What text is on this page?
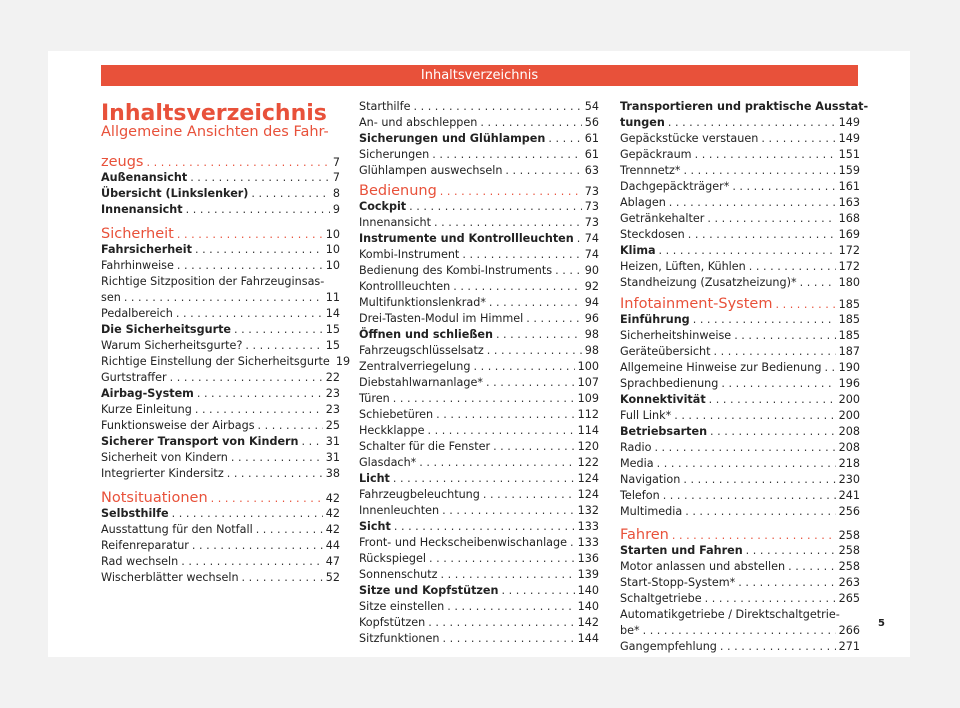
Inhaltsverzeichnis
Inhaltsverzeichnis
Allgemeine Ansichten des Fahr-
zeugs . . .	7
Außenansicht . . .	7
Übersicht (Linkslenker) . . .	8
Innenansicht . . .	9
Sicherheit . . .	10
Fahrsicherheit . . .	10
Fahrhinweise . . .	10
Richtige Sitzposition der Fahrzeuginsas-
sen . . .	11
Pedalbereich . . .	14
Die Sicherheitsgurte . . .	15
Warum Sicherheitsgurte? . . .	15
Richtige Einstellung der Sicherheitsgurte 19
Gurtstraffer . . .	22
Airbag-System . . .	23
Kurze Einleitung . . .	23
Funktionsweise der Airbags . . .	25
Sicherer Transport von Kindern . . . 31
Sicherheit von Kindern . . .	31
Integrierter Kindersitz . . .	38
Notsituationen . . .	42
Selbsthilfe . . .	42
Ausstattung für den Notfall . . .	42
Reifenreparatur . . .	44
Rad wechseln . . .	47
Wischerblätter wechseln . . .	52
Starthilfe . . .	54
An- und abschleppen . . .	56
Sicherungen und Glühlampen . . .	61
Sicherungen . . .	61
Glühlampen auswechseln . . .	63
Bedienung . . .	73
Cockpit . . .	73
Innenansicht . . .	73
Instrumente und Kontrollleuchten . . . 74
Kombi-Instrument . . .	74
Bedienung des Kombi-Instruments . . .	90
Kontrollleuchten . . .	92
Multifunktionslenkrad* . . .	94
Drei-Tasten-Modul im Himmel . . .	96
Öffnen und schließen . . .	98
Fahrzeugschlüsselsatz . . .	98
Zentralverriegelung . . .	100
Diebstahlwarnanlage* . . .	107
Türen . . .	109
Schiebetüren . . .	112
Heckklappe . . .	114
Schalter für die Fenster . . .	120
Glasdach* . . .	122
Licht . . .	124
Fahrzeugbeleuchtung . . .	124
Innenleuchten . . .	132
Sicht . . .	133
Front- und Heckscheibenwischanlage . . . 133
Rückspiegel . . .	136
Sonnenschutz . . .	139
Sitze und Kopfstützen . . .	140
Sitze einstellen . . .	140
Kopfstützen . . .	142
Sitzfunktionen . . .	144
Transportieren und praktische Ausstat-
tungen . . .	149
Gepäckstücke verstauen . . .	149
Gepäckraum . . .	151
Trennnetz* . . .	159
Dachgepäckträger* . . .	161
Ablagen . . .	163
Getränkehalter . . .	168
Steckdosen . . .	169
Klima . . .	172
Heizen, Lüften, Kühlen . . .	172
Standheizung (Zusatzheizung)* . . .	180
Infotainment-System . . .	185
Einführung . . .	185
Sicherheitshinweise . . .	185
Geräteübersicht . . .	187
Allgemeine Hinweise zur Bedienung . . . 190
Sprachbedienung . . .	196
Konnektivität . . .	200
Full Link* . . .	200
Betriebsarten . . .	208
Radio . . .	208
Media . . .	218
Navigation . . .	230
Telefon . . .	241
Multimedia . . .	256
Fahren . . .	258
Starten und Fahren . . .	258
Motor anlassen und abstellen . . .	258
Start-Stopp-System* . . .	263
Schaltgetriebe . . .	265
Automatikgetriebe / Direktschaltgetrie-
be* . . .	266
Gangempfehlung . . .	271
5
